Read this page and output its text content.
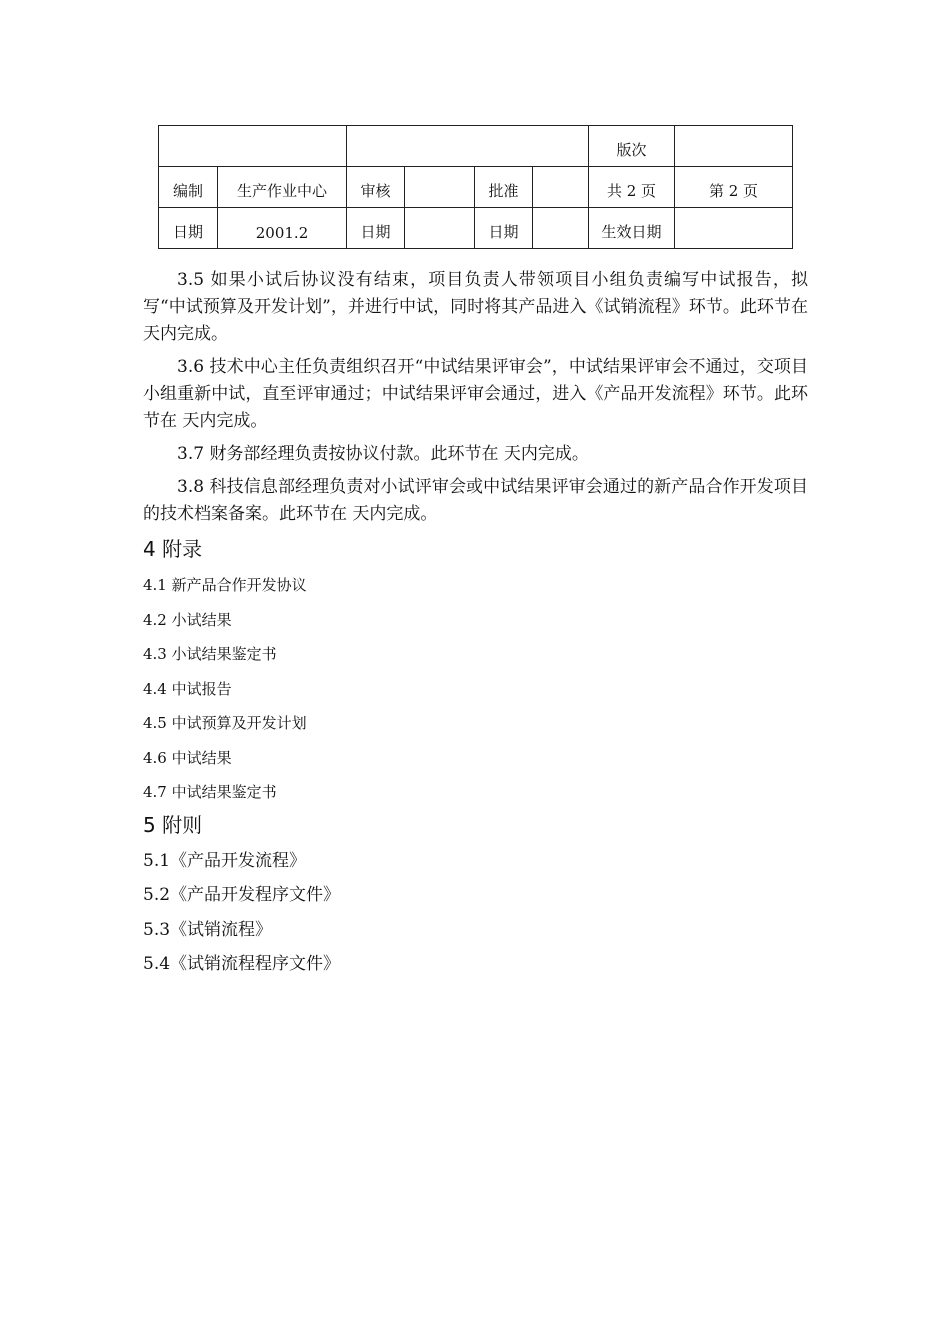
						版次	
编制	生产作业中心	审核		批准		共 2 页	第 2 页
日期	2001.2	日期		日期		生效日期	

3.5 如果小试后协议没有结束，项目负责人带领项目小组负责编写中试报告，拟写“中试预算及开发计划”，并进行中试，同时将其产品进入《试销流程》环节。此环节在 天内完成。

3.6 技术中心主任负责组织召开“中试结果评审会”，中试结果评审会不通过，交项目小组重新中试，直至评审通过；中试结果评审会通过，进入《产品开发流程》环节。此环节在 天内完成。

3.7 财务部经理负责按协议付款。此环节在 天内完成。

3.8 科技信息部经理负责对小试评审会或中试结果评审会通过的新产品合作开发项目的技术档案备案。此环节在 天内完成。

4 附录

4.1 新产品合作开发协议

4.2 小试结果

4.3 小试结果鉴定书

4.4 中试报告

4.5 中试预算及开发计划

4.6 中试结果

4.7 中试结果鉴定书

5 附则

5.1《产品开发流程》

5.2《产品开发程序文件》

5.3《试销流程》

5.4《试销流程程序文件》
